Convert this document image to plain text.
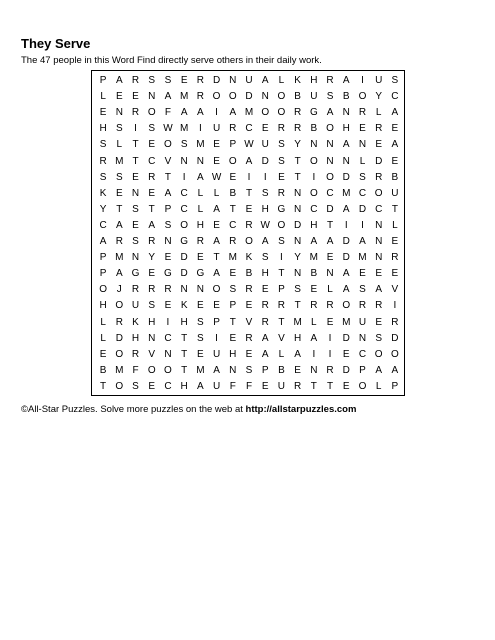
They Serve

The 47 people in this Word Find directly serve others in their daily work.

P A R S S E R D N U A	L	K H R A	I	U S
L	E E N A M R O O D N O B U S B O Y C
E N R O F A A	I	A M O O R G A N R L	A
H S	I	S W M	I	U R C E R R B O H E R E
S	L	T E O S M E P W U S Y N N A N E A
R M T C V N N E O A D S T O N N L D E
S S E R T	I	A W E	I	I	E T	I	O D S R B
K E N E A C L	L	B T S R N O C M C O U
Y T S T P C L	A T E H G N C D A D C T
C A E A S O H E C R W O D H T	I	I	N L
A R S R N G R A R O A S N A A D A N E
P M N Y E D E T M K S	I	Y M E D M N R
P A G E G D G A E B H T N B N A E E E
O J	R R R N N O S R E P S E	L	A S A V
H O U S E K E E P E R R T R R O R R	I
L R K H	I	H S P T V R T M L	E M U E R
L D H N C T S	I	E R A V H A	I	D N S D
E O R V N T E U H E A	L	A	I	I	E C O O
B M F O O T M A N S P B E N R D P A A
T O S E C H A U F	F E U R T	T E O L	P

©All-Star Puzzles. Solve more puzzles on the web at http://allstarpuzzles.com
